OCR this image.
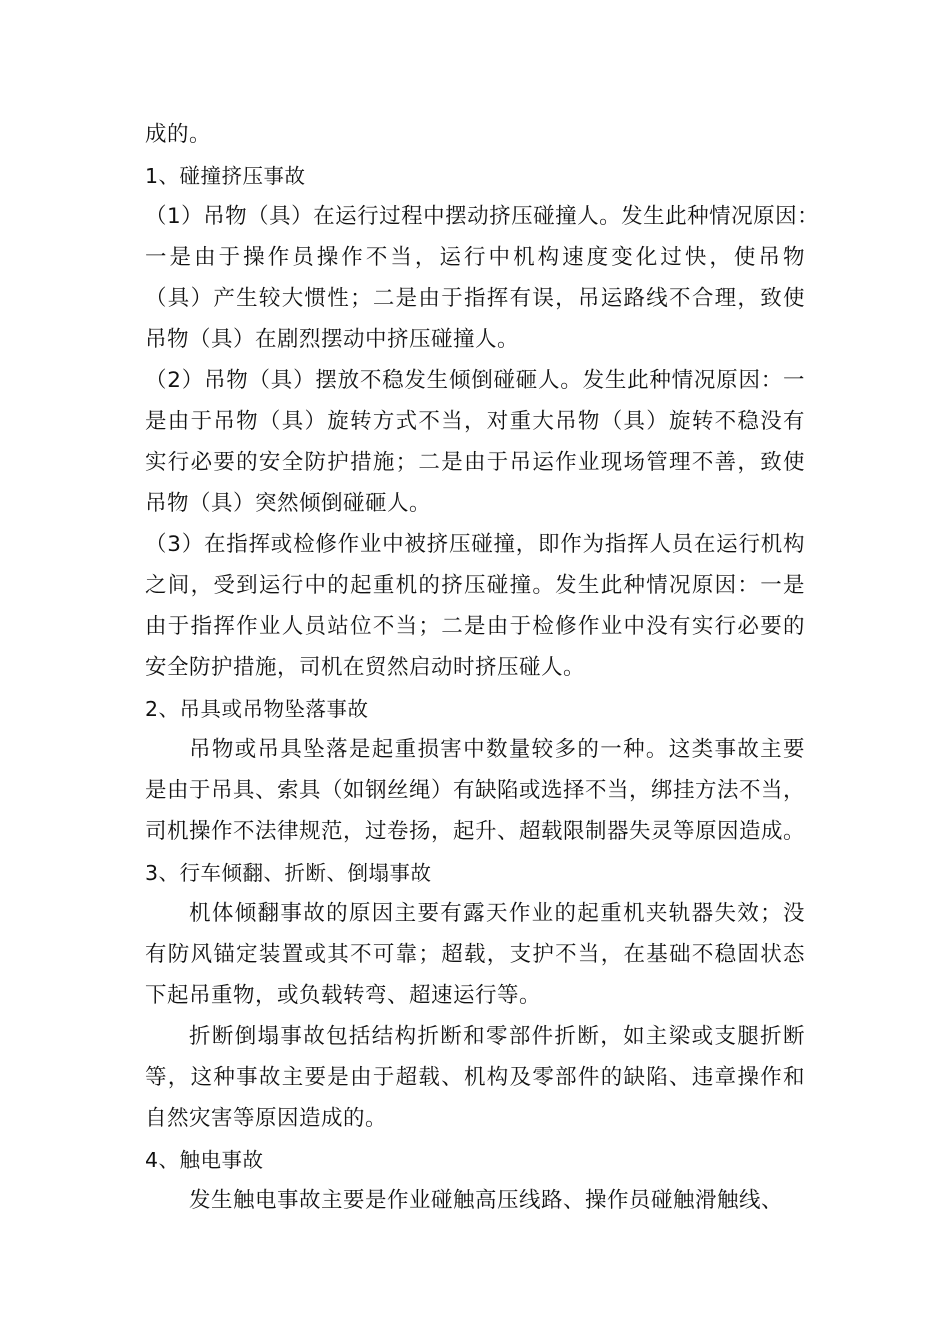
成的。
1、碰撞挤压事故
（1）吊物（具）在运行过程中摆动挤压碰撞人。发生此种情况原因：
一是由于操作员操作不当，运行中机构速度变化过快，使吊物
（具）产生较大惯性；二是由于指挥有误，吊运路线不合理，致使
吊物（具）在剧烈摆动中挤压碰撞人。
（2）吊物（具）摆放不稳发生倾倒碰砸人。发生此种情况原因：一
是由于吊物（具）旋转方式不当，对重大吊物（具）旋转不稳没有
实行必要的安全防护措施；二是由于吊运作业现场管理不善，致使
吊物（具）突然倾倒碰砸人。
（3）在指挥或检修作业中被挤压碰撞，即作为指挥人员在运行机构
之间，受到运行中的起重机的挤压碰撞。发生此种情况原因：一是
由于指挥作业人员站位不当；二是由于检修作业中没有实行必要的
安全防护措施，司机在贸然启动时挤压碰人。
2、吊具或吊物坠落事故
吊物或吊具坠落是起重损害中数量较多的一种。这类事故主要
是由于吊具、索具（如钢丝绳）有缺陷或选择不当，绑挂方法不当，
司机操作不法律规范，过卷扬，起升、超载限制器失灵等原因造成。
3、行车倾翻、折断、倒塌事故
机体倾翻事故的原因主要有露天作业的起重机夹轨器失效；没
有防风锚定装置或其不可靠；超载，支护不当，在基础不稳固状态
下起吊重物，或负载转弯、超速运行等。
折断倒塌事故包括结构折断和零部件折断，如主梁或支腿折断
等，这种事故主要是由于超载、机构及零部件的缺陷、违章操作和
自然灾害等原因造成的。
4、触电事故
发生触电事故主要是作业碰触高压线路、操作员碰触滑触线、
